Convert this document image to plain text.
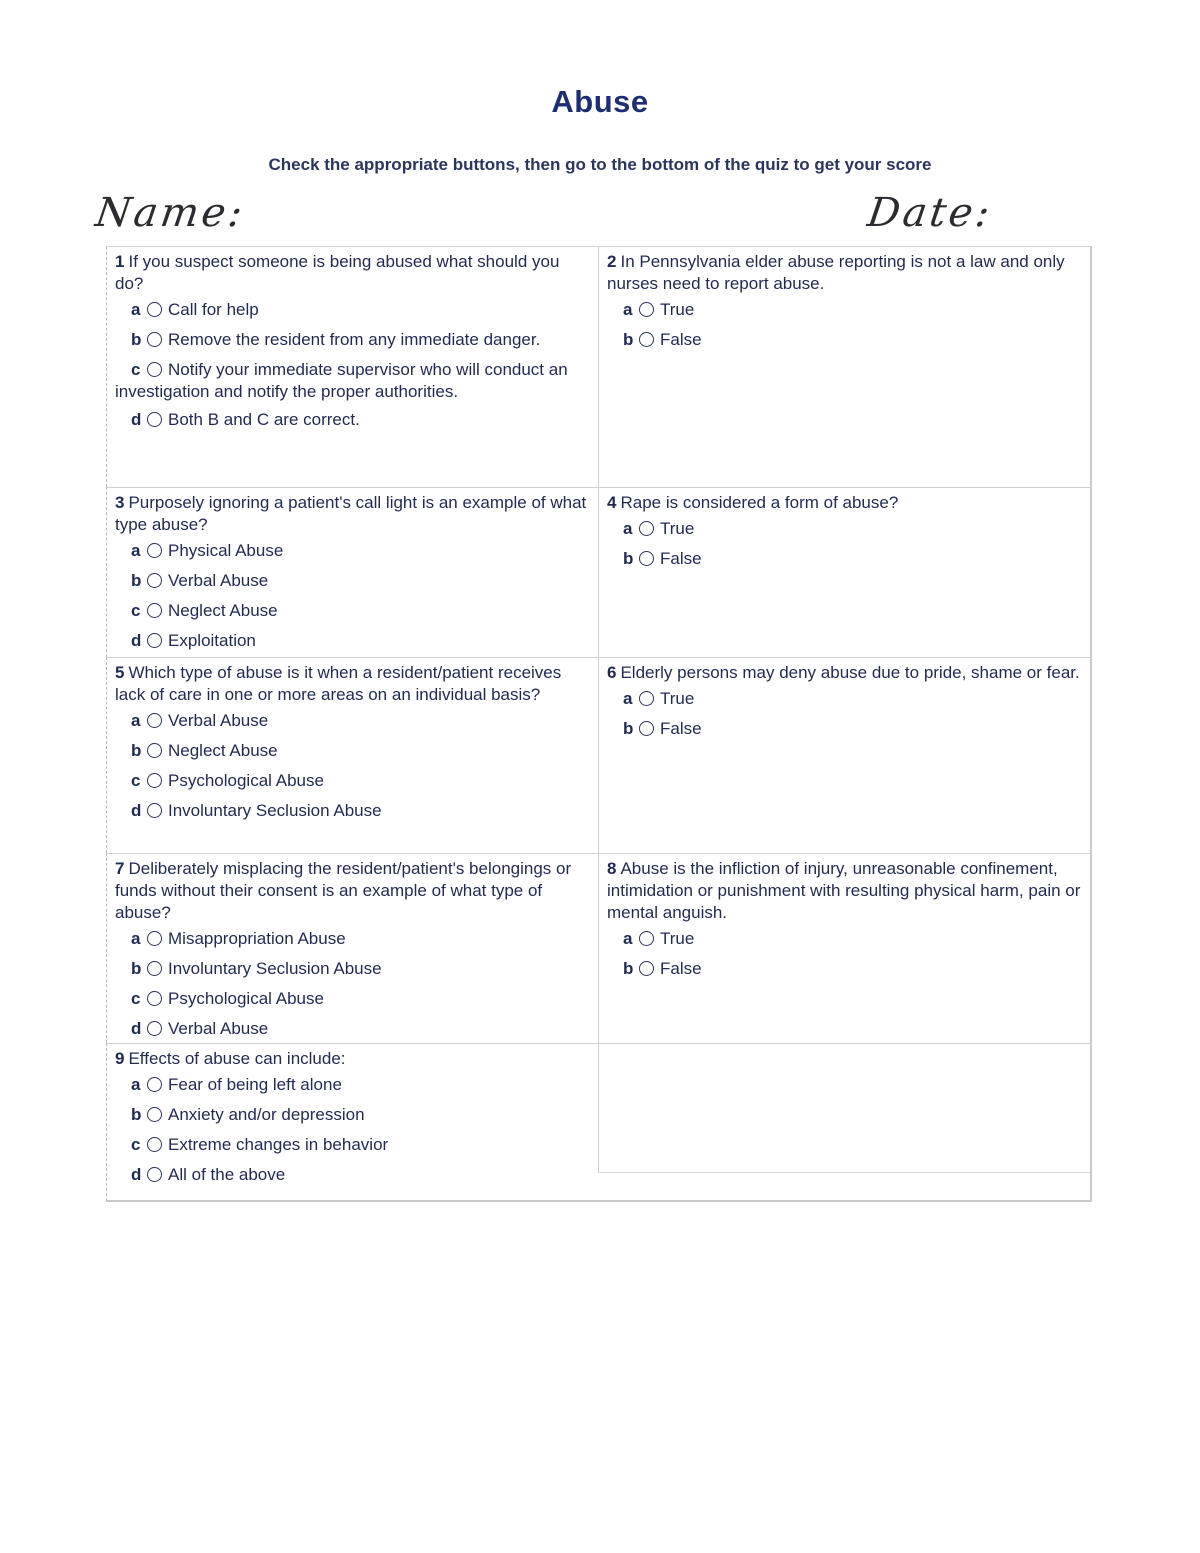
Abuse
Check the appropriate buttons, then go to the bottom of the quiz to get your score
Name:	Date:
1 If you suspect someone is being abused what should you do?
a Call for help
b Remove the resident from any immediate danger.
c Notify your immediate supervisor who will conduct an investigation and notify the proper authorities.
d Both B and C are correct.
2 In Pennsylvania elder abuse reporting is not a law and only nurses need to report abuse.
a True
b False
3 Purposely ignoring a patient's call light is an example of what type abuse?
a Physical Abuse
b Verbal Abuse
c Neglect Abuse
d Exploitation
4 Rape is considered a form of abuse?
a True
b False
5 Which type of abuse is it when a resident/patient receives lack of care in one or more areas on an individual basis?
a Verbal Abuse
b Neglect Abuse
c Psychological Abuse
d Involuntary Seclusion Abuse
6 Elderly persons may deny abuse due to pride, shame or fear.
a True
b False
7 Deliberately misplacing the resident/patient's belongings or funds without their consent is an example of what type of abuse?
a Misappropriation Abuse
b Involuntary Seclusion Abuse
c Psychological Abuse
d Verbal Abuse
8 Abuse is the infliction of injury, unreasonable confinement, intimidation or punishment with resulting physical harm, pain or mental anguish.
a True
b False
9 Effects of abuse can include:
a Fear of being left alone
b Anxiety and/or depression
c Extreme changes in behavior
d All of the above
